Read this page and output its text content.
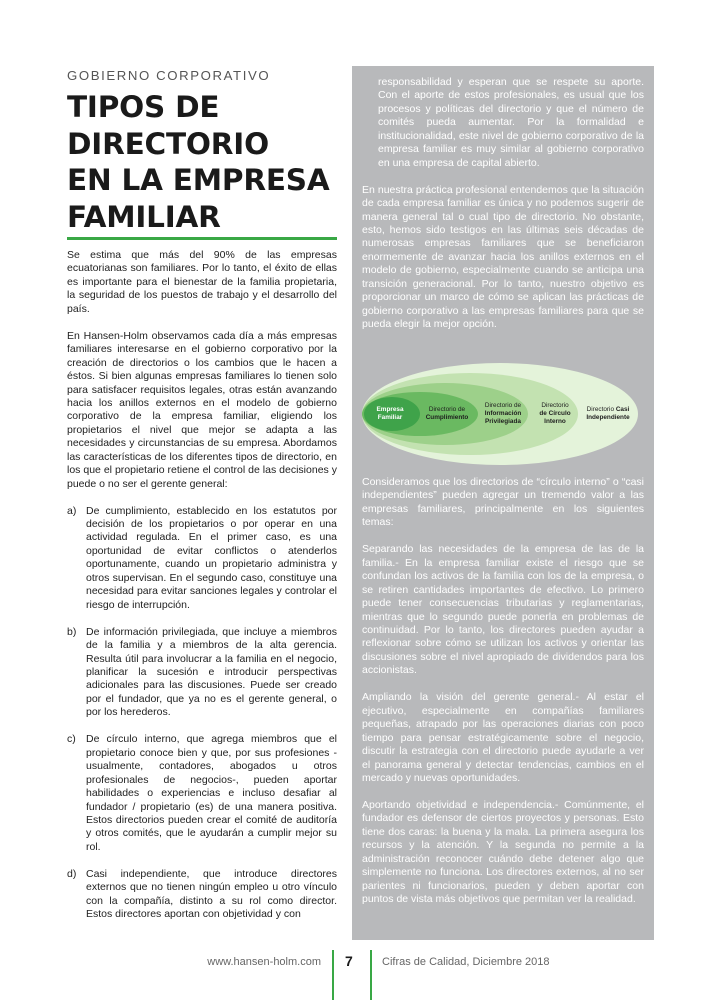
GOBIERNO CORPORATIVO
TIPOS DE
DIRECTORIO
EN LA EMPRESA
FAMILIAR

Se estima que más del 90% de las empresas ecuatorianas son familiares. Por lo tanto, el éxito de ellas es importante para el bienestar de la familia propietaria, la seguridad de los puestos de trabajo y el desarrollo del país.

En Hansen-Holm observamos cada día a más empresas familiares interesarse en el gobierno corporativo por la creación de directorios o los cambios que le hacen a éstos. Si bien algunas empresas familiares lo tienen solo para satisfacer requisitos legales, otras están avanzando hacia los anillos externos en el modelo de gobierno corporativo de la empresa familiar, eligiendo los propietarios el nivel que mejor se adapta a las necesidades y circunstancias de su empresa. Abordamos las características de los diferentes tipos de directorio, en los que el propietario retiene el control de las decisiones y puede o no ser el gerente general:

a) De cumplimiento, establecido en los estatutos por decisión de los propietarios o por operar en una actividad regulada. En el primer caso, es una oportunidad de evitar conflictos o atenderlos oportunamente, cuando un propietario administra y otros supervisan. En el segundo caso, constituye una necesidad para evitar sanciones legales y controlar el riesgo de interrupción.
b) De información privilegiada, que incluye a miembros de la familia y a miembros de la alta gerencia. Resulta útil para involucrar a la familia en el negocio, planificar la sucesión e introducir perspectivas adicionales para las discusiones. Puede ser creado por el fundador, que ya no es el gerente general, o por los herederos.
c) De círculo interno, que agrega miembros que el propietario conoce bien y que, por sus profesiones -usualmente, contadores, abogados u otros profesionales de negocios-, pueden aportar habilidades o experiencias e incluso desafiar al fundador / propietario (es) de una manera positiva. Estos directorios pueden crear el comité de auditoría y otros comités, que le ayudarán a cumplir mejor su rol.
d) Casi independiente, que introduce directores externos que no tienen ningún empleo u otro vínculo con la compañía, distinto a su rol como director. Estos directores aportan con objetividad y con

responsabilidad y esperan que se respete su aporte. Con el aporte de estos profesionales, es usual que los procesos y políticas del directorio y que el número de comités pueda aumentar. Por la formalidad e institucionalidad, este nivel de gobierno corporativo de la empresa familiar es muy similar al gobierno corporativo en una empresa de capital abierto.

En nuestra práctica profesional entendemos que la situación de cada empresa familiar es única y no podemos sugerir de manera general tal o cual tipo de directorio. No obstante, esto, hemos sido testigos en las últimas seis décadas de numerosas empresas familiares que se beneficiaron enormemente de avanzar hacia los anillos externos en el modelo de gobierno, especialmente cuando se anticipa una transición generacional. Por lo tanto, nuestro objetivo es proporcionar un marco de cómo se aplican las prácticas de gobierno corporativo a las empresas familiares para que se pueda elegir la mejor opción.

Consideramos que los directorios de “círculo interno” o “casi independientes” pueden agregar un tremendo valor a las empresas familiares, principalmente en los siguientes temas:

Separando las necesidades de la empresa de las de la familia.- En la empresa familiar existe el riesgo que se confundan los activos de la familia con los de la empresa, o se retiren cantidades importantes de efectivo. Lo primero puede tener consecuencias tributarias y reglamentarias, mientras que lo segundo puede ponerla en problemas de continuidad. Por lo tanto, los directores pueden ayudar a reflexionar sobre cómo se utilizan los activos y orientar las discusiones sobre el nivel apropiado de dividendos para los accionistas.

Ampliando la visión del gerente general.- Al estar el ejecutivo, especialmente en compañías familiares pequeñas, atrapado por las operaciones diarias con poco tiempo para pensar estratégicamente sobre el negocio, discutir la estrategia con el directorio puede ayudarle a ver el panorama general y detectar tendencias, cambios en el mercado y nuevas oportunidades.

Aportando objetividad e independencia.- Comúnmente, el fundador es defensor de ciertos proyectos y personas. Esto tiene dos caras: la buena y la mala. La primera asegura los recursos y la atención. Y la segunda no permite a la administración reconocer cuándo debe detener algo que simplemente no funciona. Los directores externos, al no ser parientes ni funcionarios, pueden y deben aportar con puntos de vista más objetivos que permitan ver la realidad.

Empresa
Familiar
Directorio de
Cumplimiento
Directorio de
Información
Privilegiada
Directorio
de Círculo
Interno
Directorio Casi
Independiente
www.hansen-holm.com 7	Cifras de Calidad, Diciembre 2018
